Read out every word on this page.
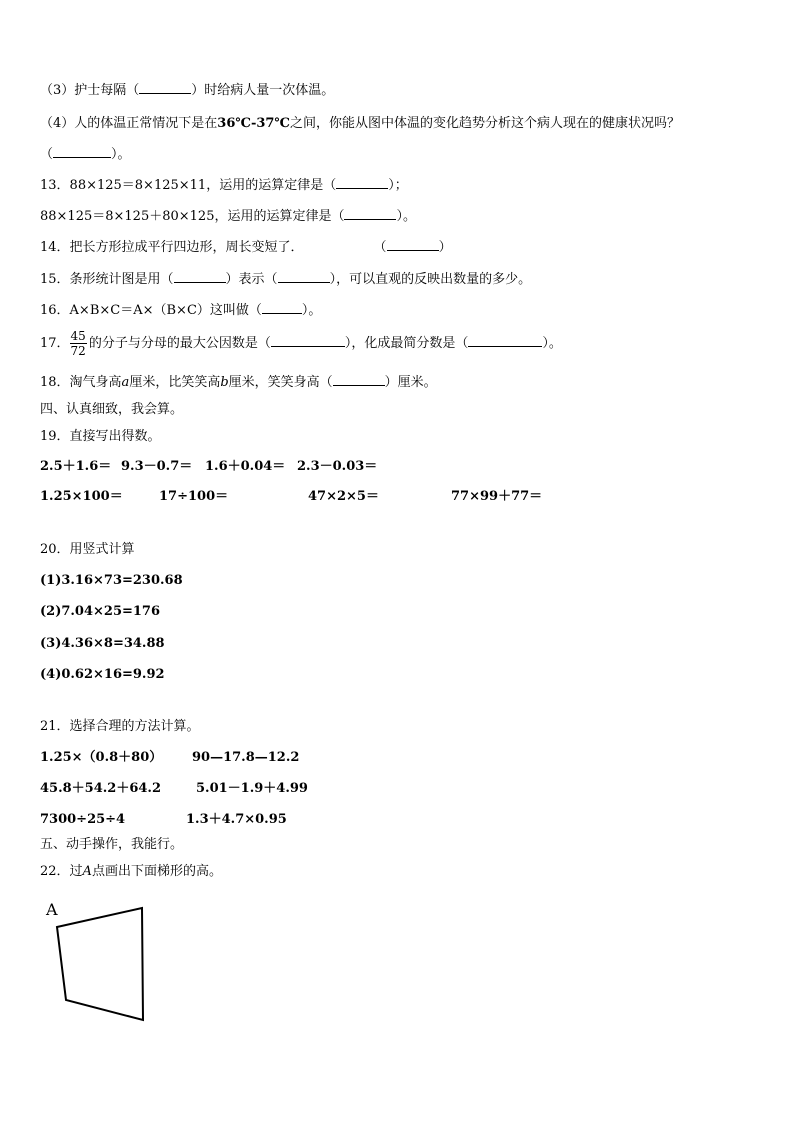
（3）护士每隔（	）时给病人量一次体温。
（4）人的体温正常情况下是在36℃-37℃之间，你能从图中体温的变化趋势分析这个病人现在的健康状况吗？
（	）。
13．88×125＝8×125×11，运用的运算定律是（	）；
88×125＝8×125＋80×125，运用的运算定律是（	）。
14．把长方形拉成平行四边形，周长变短了．	（	）
15．条形统计图是用（	）表示（	），可以直观的反映出数量的多少。
16．A×B×C＝A×（B×C）这叫做（	）。
17． $\frac{45}{72}$ 的分子与分母的最大公因数是（	），化成最简分数是（	）。
18．淘气身高a厘米，比笑笑高b厘米，笑笑身高（	）厘米。
四、认真细致，我会算。
19．直接写出得数。
2.5＋1.6＝ 9.3－0.7＝ 1.6＋0.04＝ 2.3－0.03＝
1.25×100＝	17÷100＝	47×2×5＝	77×99＋77＝
20．用竖式计算
(1)3.16×73=230.68
(2)7.04×25=176
(3)4.36×8=34.88
(4)0.62×16=9.92
21．选择合理的方法计算。
1.25×（0.8＋80） 90—17.8—12.2
45.8＋54.2＋64.2	5.01－1.9＋4.99
7300÷25÷4	1.3＋4.7×0.95
五、动手操作，我能行。
22．过A点画出下面梯形的高。
A
